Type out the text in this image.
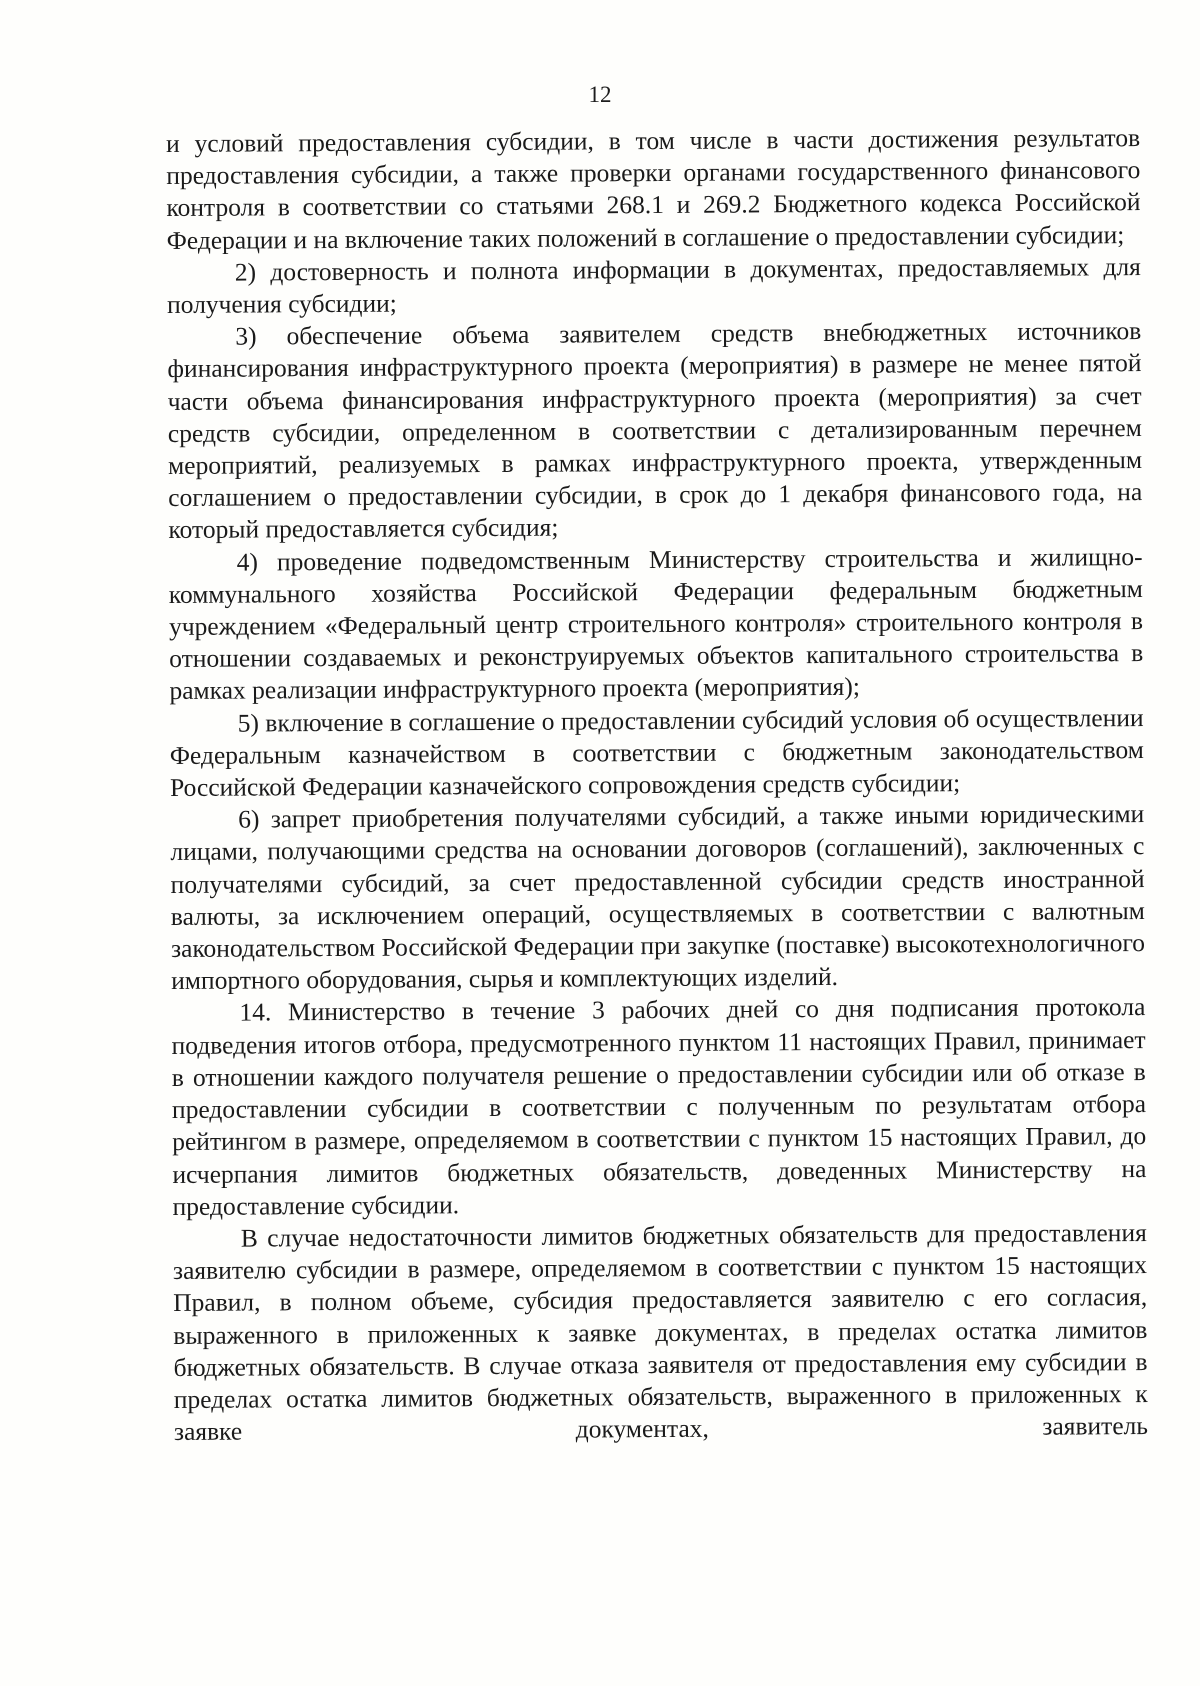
12

и условий предоставления субсидии, в том числе в части достижения результатов предоставления субсидии, а также проверки органами государственного финансового контроля в соответствии со статьями 268.1 и 269.2 Бюджетного кодекса Российской Федерации и на включение таких положений в соглашение о предоставлении субсидии;

2) достоверность и полнота информации в документах, предоставляемых для получения субсидии;

3) обеспечение объема заявителем средств внебюджетных источников финансирования инфраструктурного проекта (мероприятия) в размере не менее пятой части объема финансирования инфраструктурного проекта (мероприятия) за счет средств субсидии, определенном в соответствии с детализированным перечнем мероприятий, реализуемых в рамках инфраструктурного проекта, утвержденным соглашением о предоставлении субсидии, в срок до 1 декабря финансового года, на который предоставляется субсидия;

4) проведение подведомственным Министерству строительства и жилищно-коммунального хозяйства Российской Федерации федеральным бюджетным учреждением «Федеральный центр строительного контроля» строительного контроля в отношении создаваемых и реконструируемых объектов капитального строительства в рамках реализации инфраструктурного проекта (мероприятия);

5) включение в соглашение о предоставлении субсидий условия об осуществлении Федеральным казначейством в соответствии с бюджетным законодательством Российской Федерации казначейского сопровождения средств субсидии;

6) запрет приобретения получателями субсидий, а также иными юридическими лицами, получающими средства на основании договоров (соглашений), заключенных с получателями субсидий, за счет предоставленной субсидии средств иностранной валюты, за исключением операций, осуществляемых в соответствии с валютным законодательством Российской Федерации при закупке (поставке) высокотехнологичного импортного оборудования, сырья и комплектующих изделий.

14. Министерство в течение 3 рабочих дней со дня подписания протокола подведения итогов отбора, предусмотренного пунктом 11 настоящих Правил, принимает в отношении каждого получателя решение о предоставлении субсидии или об отказе в предоставлении субсидии в соответствии с полученным по результатам отбора рейтингом в размере, определяемом в соответствии с пунктом 15 настоящих Правил, до исчерпания лимитов бюджетных обязательств, доведенных Министерству на предоставление субсидии.

В случае недостаточности лимитов бюджетных обязательств для предоставления заявителю субсидии в размере, определяемом в соответствии с пунктом 15 настоящих Правил, в полном объеме, субсидия предоставляется заявителю с его согласия, выраженного в приложенных к заявке документах, в пределах остатка лимитов бюджетных обязательств. В случае отказа заявителя от предоставления ему субсидии в пределах остатка лимитов бюджетных обязательств, выраженного в приложенных к заявке документах, заявитель
